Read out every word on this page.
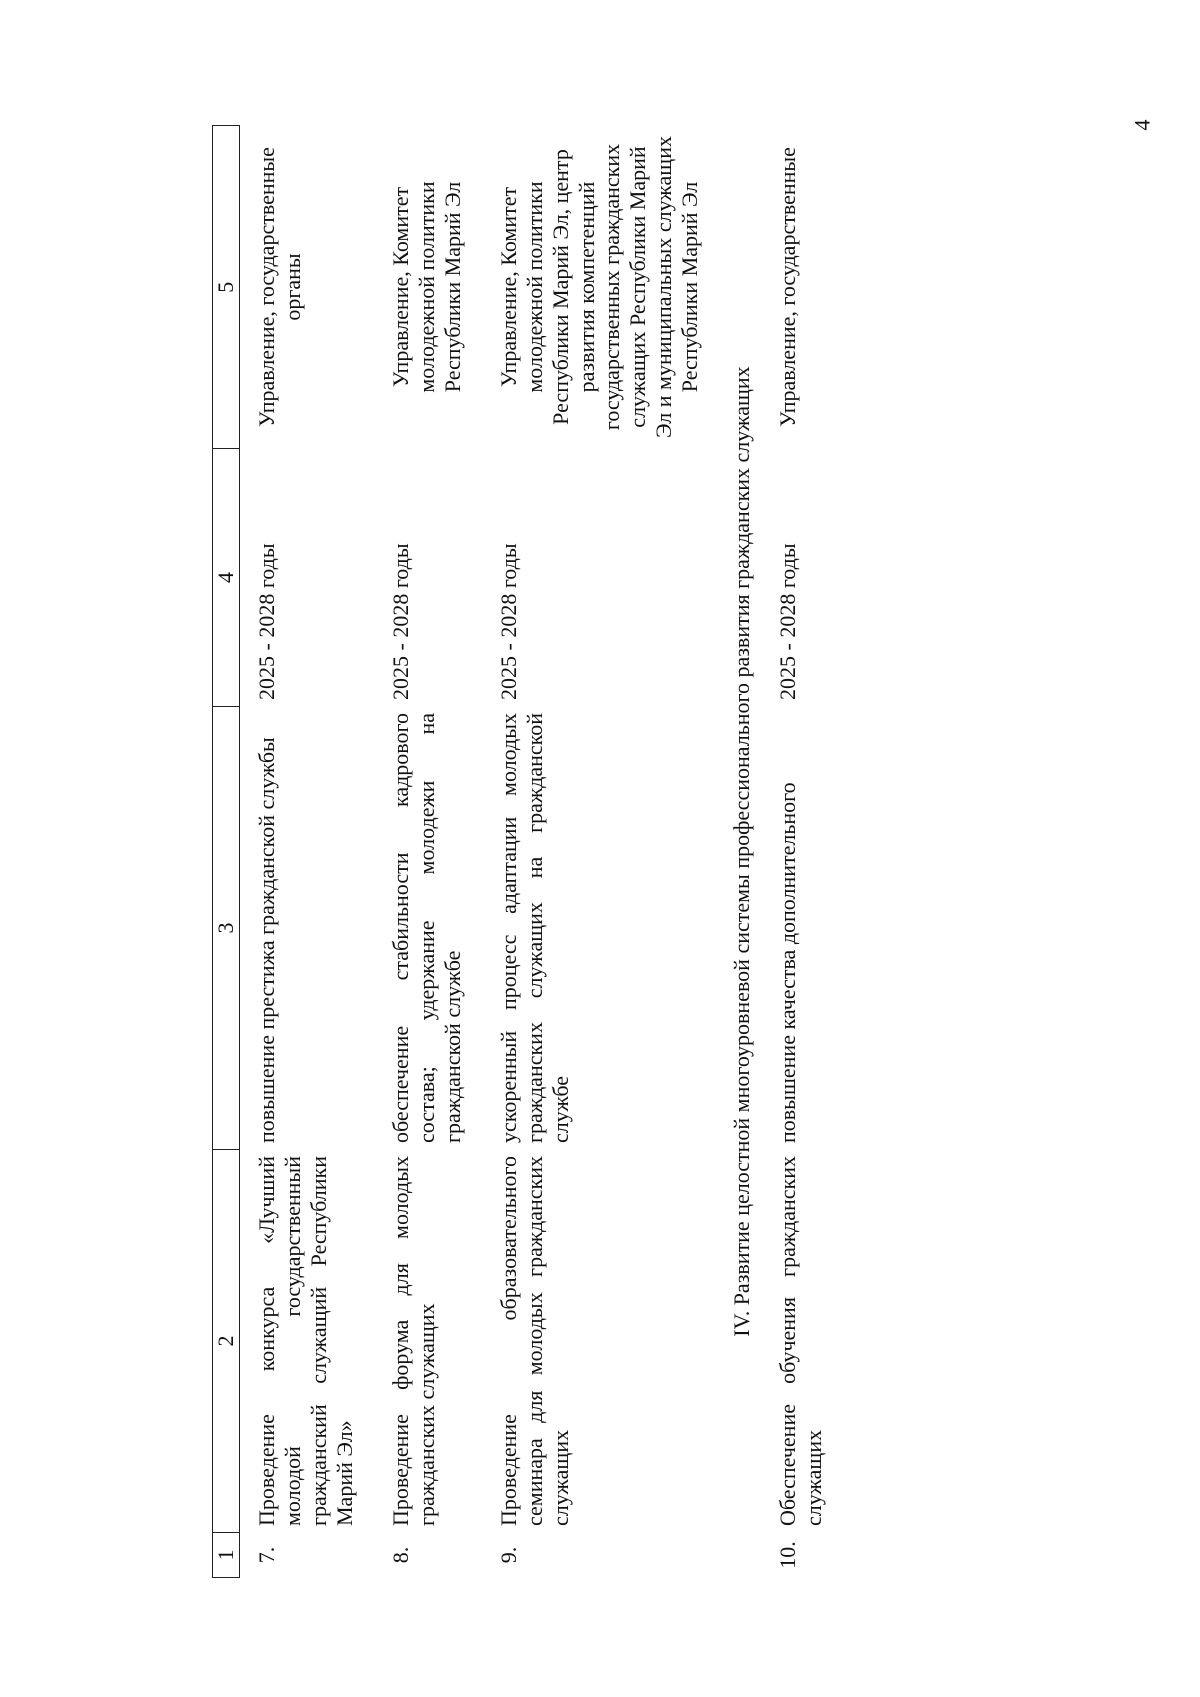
4
1	2	3	4	5
7.	Проведение конкурса «Лучший молодой государственный гражданский служащий Республики Марий Эл»	повышение престижа гражданской службы	2025 - 2028 годы	Управление, государственные органы
8.	Проведение форума для молодых гражданских служащих	обеспечение стабильности кадрового состава; удержание молодежи на гражданской службе	2025 - 2028 годы	Управление, Комитет молодежной политики Республики Марий Эл
9.	Проведение образовательного семинара для молодых гражданских служащих	ускоренный процесс адаптации молодых гражданских служащих на гражданской службе	2025 - 2028 годы	Управление, Комитет молодежной политики Республики Марий Эл, центр развития компетенций государственных гражданских служащих Республики Марий Эл и муниципальных служащих Республики Марий Эл
IV. Развитие целостной многоуровневой системы профессионального развития гражданских служащих				
10.	Обеспечение обучения гражданских служащих	повышение качества дополнительного	2025 - 2028 годы	Управление, государственные
